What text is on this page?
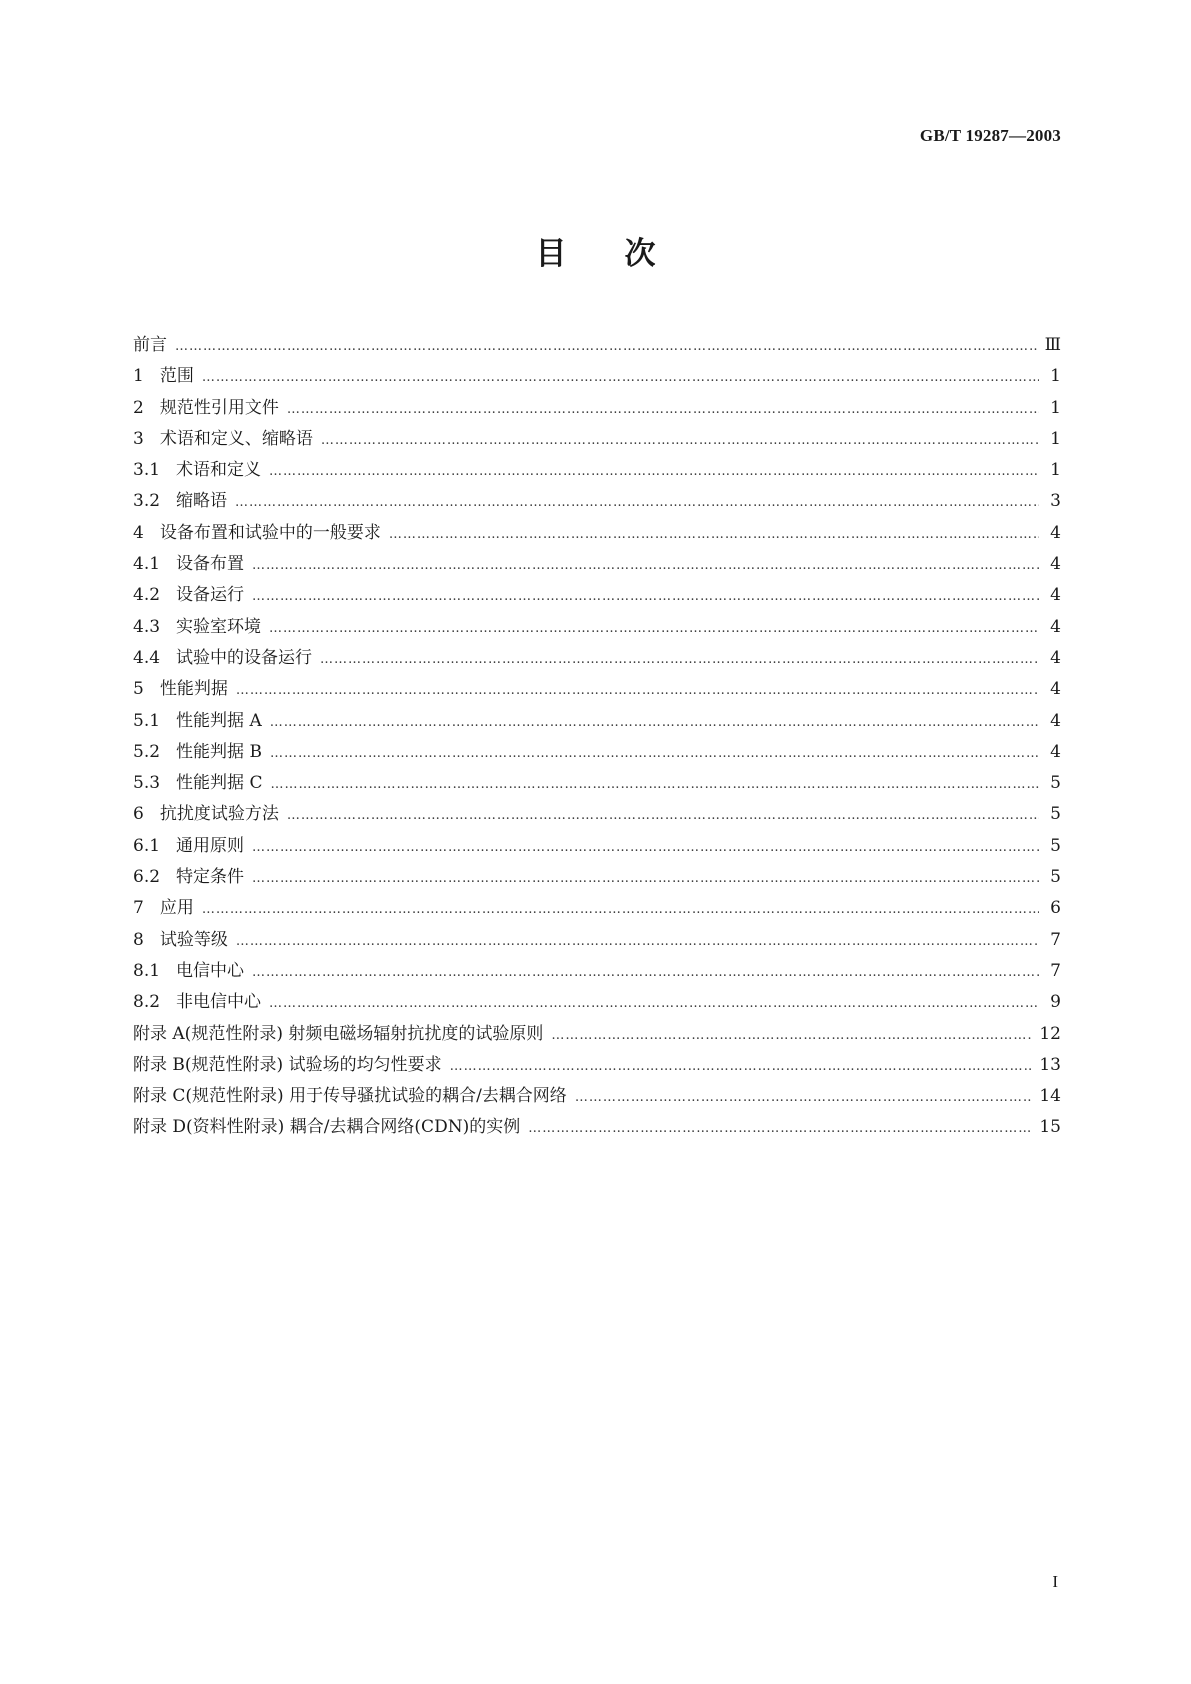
GB/T 19287—2003
目 次
前言 …………………………………………………………………………………………………………………………………………………………………………………………………	Ⅲ
1 范围 …………………………………………………………………………………………………………………………………………………………………………………………………	1
2 规范性引用文件 …………………………………………………………………………………………………………………………………………………………………………………………………	1
3 术语和定义、缩略语 …………………………………………………………………………………………………………………………………………………………………………………………………	1
3.1 术语和定义 …………………………………………………………………………………………………………………………………………………………………………………………………	1
3.2 缩略语 …………………………………………………………………………………………………………………………………………………………………………………………………	3
4 设备布置和试验中的一般要求 …………………………………………………………………………………………………………………………………………………………………………………………………	4
4.1 设备布置 …………………………………………………………………………………………………………………………………………………………………………………………………	4
4.2 设备运行 …………………………………………………………………………………………………………………………………………………………………………………………………	4
4.3 实验室环境 …………………………………………………………………………………………………………………………………………………………………………………………………	4
4.4 试验中的设备运行 …………………………………………………………………………………………………………………………………………………………………………………………………	4
5 性能判据 …………………………………………………………………………………………………………………………………………………………………………………………………	4
5.1 性能判据 A …………………………………………………………………………………………………………………………………………………………………………………………………	4
5.2 性能判据 B …………………………………………………………………………………………………………………………………………………………………………………………………	4
5.3 性能判据 C …………………………………………………………………………………………………………………………………………………………………………………………………	5
6 抗扰度试验方法 …………………………………………………………………………………………………………………………………………………………………………………………………	5
6.1 通用原则 …………………………………………………………………………………………………………………………………………………………………………………………………	5
6.2 特定条件 …………………………………………………………………………………………………………………………………………………………………………………………………	5
7 应用 …………………………………………………………………………………………………………………………………………………………………………………………………	6
8 试验等级 …………………………………………………………………………………………………………………………………………………………………………………………………	7
8.1 电信中心 …………………………………………………………………………………………………………………………………………………………………………………………………	7
8.2 非电信中心 …………………………………………………………………………………………………………………………………………………………………………………………………	9
附录 A(规范性附录) 射频电磁场辐射抗扰度的试验原则 …………………………………………………………………………………………………………………………………………………………………………………………………	12
附录 B(规范性附录) 试验场的均匀性要求 …………………………………………………………………………………………………………………………………………………………………………………………………	13
附录 C(规范性附录) 用于传导骚扰试验的耦合/去耦合网络 …………………………………………………………………………………………………………………………………………………………………………………………………	14
附录 D(资料性附录) 耦合/去耦合网络(CDN)的实例 …………………………………………………………………………………………………………………………………………………………………………………………………	15
I
